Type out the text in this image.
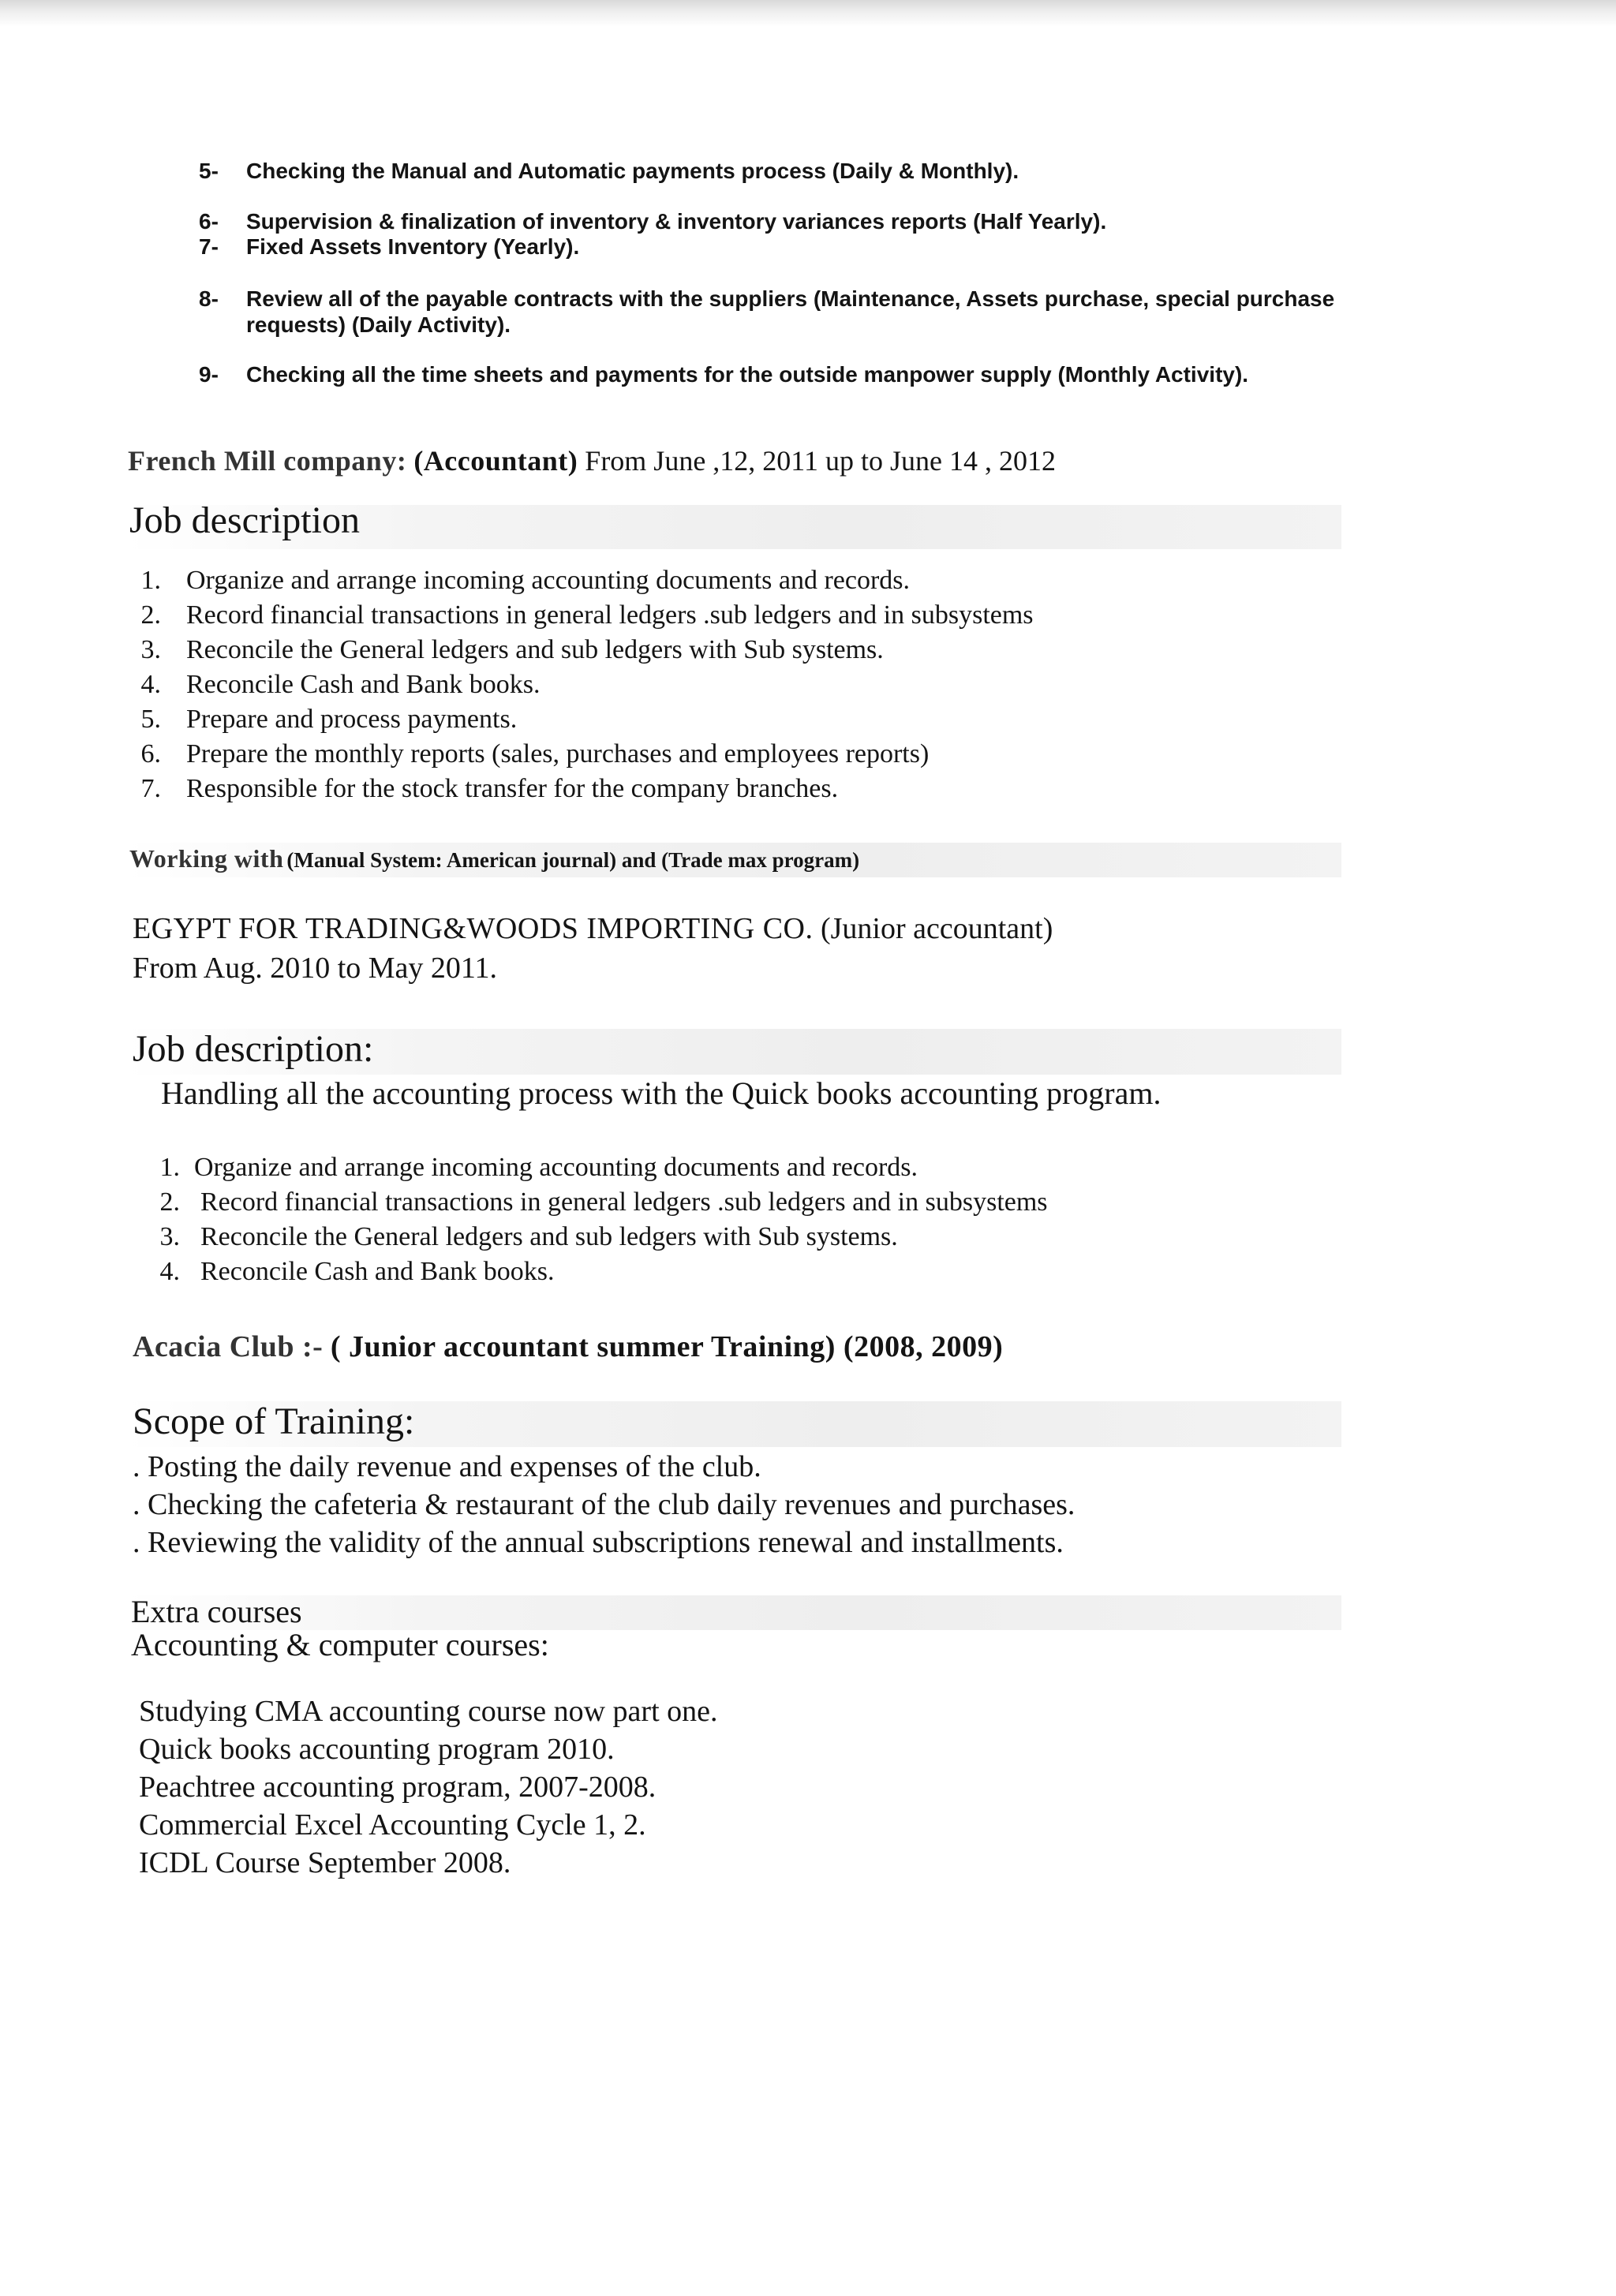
5- Checking the Manual and Automatic payments process (Daily & Monthly).
6- Supervision & finalization of inventory & inventory variances reports (Half Yearly).
7- Fixed Assets Inventory (Yearly).
8- Review all of the payable contracts with the suppliers (Maintenance, Assets purchase, special purchase requests) (Daily Activity).
9- Checking all the time sheets and payments for the outside manpower supply (Monthly Activity).
French Mill company: (Accountant) From June ,12, 2011 up to June 14 , 2012
Job description
1. Organize and arrange incoming accounting documents and records.
2. Record financial transactions in general ledgers .sub ledgers and in subsystems
3. Reconcile the General ledgers and sub ledgers with Sub systems.
4. Reconcile Cash and Bank books.
5. Prepare and process payments.
6. Prepare the monthly reports (sales, purchases and employees reports)
7. Responsible for the stock transfer for the company branches.
Working with (Manual System: American journal) and (Trade max program)
EGYPT FOR TRADING&WOODS IMPORTING CO. (Junior accountant)
From Aug. 2010 to May 2011.
Job description:
Handling all the accounting process with the Quick books accounting program.
1. Organize and arrange incoming accounting documents and records.
2. Record financial transactions in general ledgers .sub ledgers and in subsystems
3. Reconcile the General ledgers and sub ledgers with Sub systems.
4. Reconcile Cash and Bank books.
Acacia Club :- ( Junior accountant summer Training) (2008, 2009)
Scope of Training:
. Posting the daily revenue and expenses of the club.
. Checking the cafeteria & restaurant of the club daily revenues and purchases.
. Reviewing the validity of the annual subscriptions renewal and installments.
Extra courses
Accounting & computer courses:
Studying CMA accounting course now part one.
Quick books accounting program 2010.
Peachtree accounting program, 2007-2008.
Commercial Excel Accounting Cycle 1, 2.
ICDL Course September 2008.
